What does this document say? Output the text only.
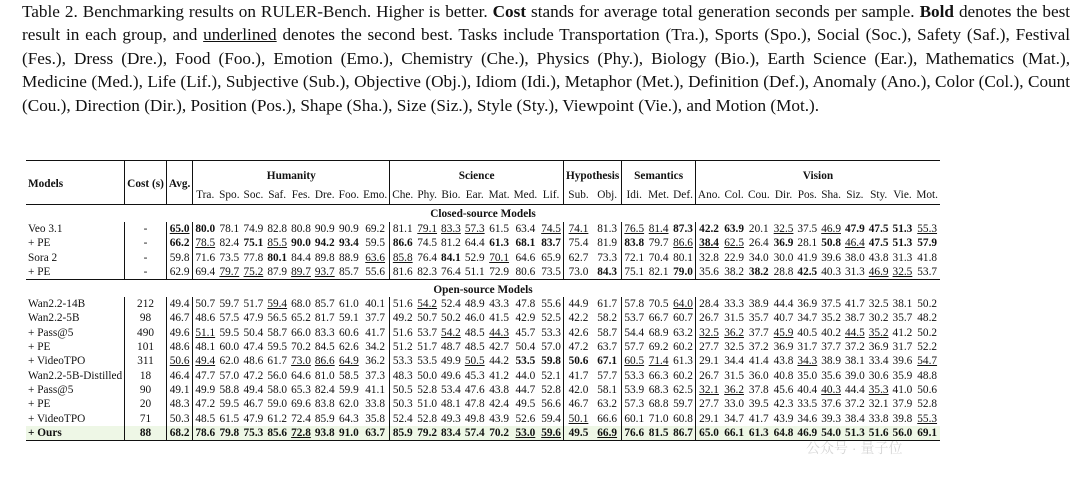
Table 2. Benchmarking results on RULER-Bench. Higher is better. Cost stands for average total generation seconds per sample. Bold denotes the best result in each group, and underlined denotes the second best. Tasks include Transportation (Tra.), Sports (Spo.), Social (Soc.), Safety (Saf.), Festival (Fes.), Dress (Dre.), Food (Foo.), Emotion (Emo.), Chemistry (Che.), Physics (Phy.), Biology (Bio.), Earth Science (Ear.), Mathematics (Mat.), Medicine (Med.), Life (Lif.), Subjective (Sub.), Objective (Obj.), Idiom (Idi.), Metaphor (Met.), Definition (Def.), Anomaly (Ano.), Color (Col.), Count (Cou.), Direction (Dir.), Position (Pos.), Shape (Sha.), Size (Siz.), Style (Sty.), Viewpoint (Vie.), and Motion (Mot.).
Models	Cost (s)	Avg.	Humanity								Science							Hypothesis		Semantics			Vision									
			Tra.	Spo.	Soc.	Saf.	Fes.	Dre.	Foo.	Emo.	Che.	Phy.	Bio.	Ear.	Mat.	Med.	Lif.	Sub.	Obj.	Idi.	Met.	Def.	Ano.	Col.	Cou.	Dir.	Pos.	Sha.	Siz.	Sty.	Vie.	Mot.
Closed-source Models																																
Veo 3.1	-	65.0	80.0	78.1	74.9	82.8	80.8	90.9	90.9	69.2	81.1	79.1	83.3	57.3	61.5	63.4	74.5	74.1	81.3	76.5	81.4	87.3	42.2	63.9	20.1	32.5	37.5	46.9	47.9	47.5	51.3	55.3
+ PE	-	66.2	78.5	82.4	75.1	85.5	90.0	94.2	93.4	59.5	86.6	74.5	81.2	64.4	61.3	68.1	83.7	75.4	81.9	83.8	79.7	86.6	38.4	62.5	26.4	36.9	28.1	50.8	46.4	47.5	51.3	57.9
Sora 2	-	59.8	71.6	73.5	77.8	80.1	84.4	89.8	88.9	63.6	85.8	76.4	84.1	52.9	70.1	64.6	65.9	62.7	73.3	72.1	70.4	80.1	32.8	22.9	34.0	30.0	41.9	39.6	38.0	43.8	31.3	41.8
+ PE	-	62.9	69.4	79.7	75.2	87.9	89.7	93.7	85.7	55.6	81.6	82.3	76.4	51.1	72.9	80.6	73.5	73.0	84.3	75.1	82.1	79.0	35.6	38.2	38.2	28.8	42.5	40.3	31.3	46.9	32.5	53.7
Open-source Models																																
Wan2.2-14B	212	49.4	50.7	59.7	51.7	59.4	68.0	85.7	61.0	40.1	51.6	54.2	52.4	48.9	43.3	47.8	55.6	44.9	61.7	57.8	70.5	64.0	28.4	33.3	38.9	44.4	36.9	37.5	41.7	32.5	38.1	50.2
Wan2.2-5B	98	46.7	48.6	57.5	47.9	56.5	65.2	81.7	59.1	37.7	49.2	50.7	50.2	46.0	41.5	42.9	52.5	42.2	58.2	53.7	66.7	60.7	26.7	31.5	35.7	40.7	34.7	35.2	38.7	30.2	35.7	48.2
+ Pass@5	490	49.6	51.1	59.5	50.4	58.7	66.0	83.3	60.6	41.7	51.6	53.7	54.2	48.5	44.3	45.7	53.3	42.6	58.7	54.4	68.9	63.2	32.5	36.2	37.7	45.9	40.5	40.2	44.5	35.2	41.2	50.2
+ PE	101	48.6	48.1	60.0	47.4	59.5	70.2	84.5	62.6	34.2	51.2	51.7	48.7	48.5	42.7	50.4	57.0	47.2	63.7	57.7	69.2	60.2	27.7	32.5	37.2	36.9	31.7	37.7	37.2	36.9	31.7	52.2
+ VideoTPO	311	50.6	49.4	62.0	48.6	61.7	73.0	86.6	64.9	36.2	53.3	53.5	49.9	50.5	44.2	53.5	59.8	50.6	67.1	60.5	71.4	61.3	29.1	34.4	41.4	43.8	34.3	38.9	38.1	33.4	39.6	54.7
Wan2.2-5B-Distilled	18	46.4	47.7	57.0	47.2	56.0	64.6	81.0	58.5	37.3	48.3	50.0	49.6	45.3	41.2	44.0	52.1	41.7	57.7	53.3	66.3	60.2	26.7	31.5	36.0	40.8	35.0	35.6	39.0	30.6	35.9	48.8
+ Pass@5	90	49.1	49.9	58.8	49.4	58.0	65.3	82.4	59.9	41.1	50.5	52.8	53.4	47.6	43.8	44.7	52.8	42.0	58.1	53.9	68.3	62.5	32.1	36.2	37.8	45.6	40.4	40.3	44.4	35.3	41.0	50.6
+ PE	20	48.3	47.2	59.5	46.7	59.0	69.6	83.8	62.0	33.8	50.3	51.0	48.1	47.8	42.4	49.5	56.6	46.7	63.2	57.3	68.8	59.7	27.7	33.0	39.5	42.3	33.5	37.6	37.2	32.1	37.9	52.8
+ VideoTPO	71	50.3	48.5	61.5	47.9	61.2	72.4	85.9	64.3	35.8	52.4	52.8	49.3	49.8	43.9	52.6	59.4	50.1	66.6	60.1	71.0	60.8	29.1	34.7	41.7	43.9	34.6	39.3	38.4	33.8	39.8	55.3
+ Ours	88	68.2	78.6	79.8	75.3	85.6	72.8	93.8	91.0	63.7	85.9	79.2	83.4	57.4	70.2	53.0	59.6	49.5	66.9	76.6	81.5	86.7	65.0	66.1	61.3	64.8	46.9	54.0	51.3	51.6	56.0	69.1
公众号 · 量子位
